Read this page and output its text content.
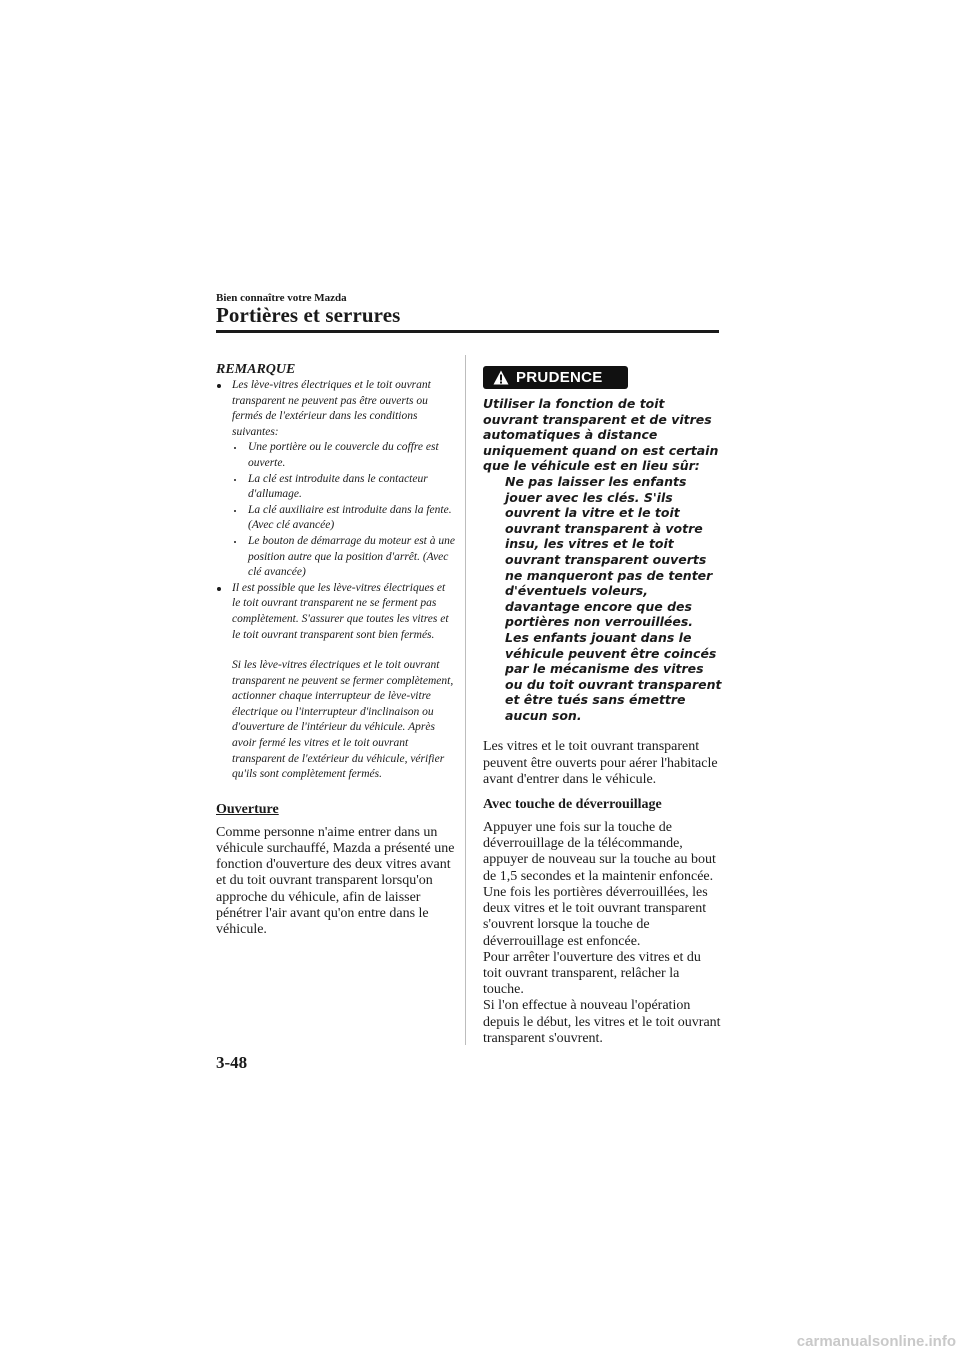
Bien connaître votre Mazda
Portières et serrures

REMARQUE

Les lève-vitres électriques et le toit ouvrant transparent ne peuvent pas être ouverts ou fermés de l'extérieur dans les conditions suivantes:
Une portière ou le couvercle du coffre est ouverte.
La clé est introduite dans le contacteur d'allumage.
La clé auxiliaire est introduite dans la fente. (Avec clé avancée)
Le bouton de démarrage du moteur est à une position autre que la position d'arrêt. (Avec clé avancée)
Il est possible que les lève-vitres électriques et le toit ouvrant transparent ne se ferment pas complètement. S'assurer que toutes les vitres et le toit ouvrant transparent sont bien fermés.
Si les lève-vitres électriques et le toit ouvrant transparent ne peuvent se fermer complètement, actionner chaque interrupteur de lève-vitre électrique ou l'interrupteur d'inclinaison ou d'ouverture de l'intérieur du véhicule. Après avoir fermé les vitres et le toit ouvrant transparent de l'extérieur du véhicule, vérifier qu'ils sont complètement fermés.
Ouverture
Comme personne n'aime entrer dans un véhicule surchauffé, Mazda a présenté une fonction d'ouverture des deux vitres avant et du toit ouvrant transparent lorsqu'on approche du véhicule, afin de laisser pénétrer l'air avant qu'on entre dans le véhicule.
PRUDENCE
Utiliser la fonction de toit ouvrant transparent et de vitres automatiques à distance uniquement quand on est certain que le véhicule est en lieu sûr:
Ne pas laisser les enfants jouer avec les clés. S'ils ouvrent la vitre et le toit ouvrant transparent à votre insu, les vitres et le toit ouvrant transparent ouverts ne manqueront pas de tenter d'éventuels voleurs, davantage encore que des portières non verrouillées.
Les enfants jouant dans le véhicule peuvent être coincés par le mécanisme des vitres ou du toit ouvrant transparent et être tués sans émettre aucun son.
Les vitres et le toit ouvrant transparent peuvent être ouverts pour aérer l'habitacle avant d'entrer dans le véhicule.
Avec touche de déverrouillage
Appuyer une fois sur la touche de déverrouillage de la télécommande, appuyer de nouveau sur la touche au bout de 1,5 secondes et la maintenir enfoncée. Une fois les portières déverrouillées, les deux vitres et le toit ouvrant transparent s'ouvrent lorsque la touche de déverrouillage est enfoncée.
Pour arrêter l'ouverture des vitres et du toit ouvrant transparent, relâcher la touche.
Si l'on effectue à nouveau l'opération depuis le début, les vitres et le toit ouvrant transparent s'ouvrent.
3-48
carmanualsonline.info
